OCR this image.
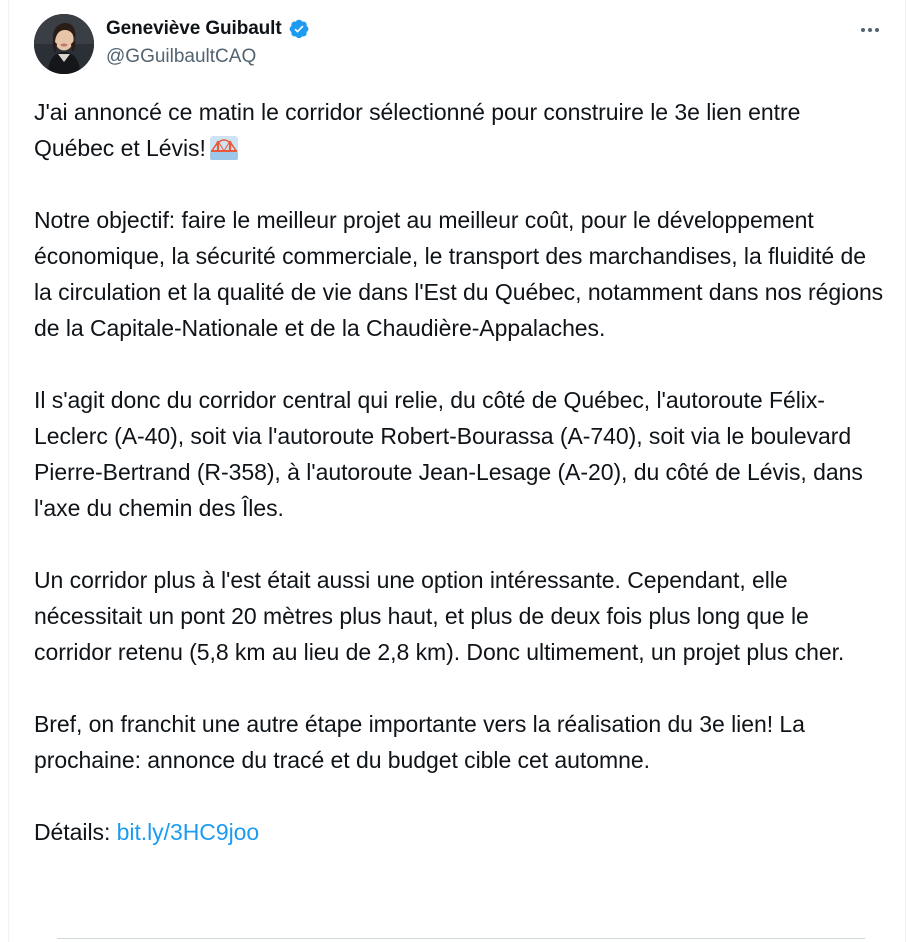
Geneviève Guibault
@GGuilbaultCAQ

J'ai annoncé ce matin le corridor sélectionné pour construire le 3e lien entre Québec et Lévis!

Notre objectif: faire le meilleur projet au meilleur coût, pour le développement économique, la sécurité commerciale, le transport des marchandises, la fluidité de la circulation et la qualité de vie dans l'Est du Québec, notamment dans nos régions de la Capitale-Nationale et de la Chaudière-Appalaches.

Il s'agit donc du corridor central qui relie, du côté de Québec, l'autoroute Félix-Leclerc (A-40), soit via l'autoroute Robert-Bourassa (A-740), soit via le boulevard Pierre-Bertrand (R-358), à l'autoroute Jean-Lesage (A-20), du côté de Lévis, dans l'axe du chemin des Îles.

Un corridor plus à l'est était aussi une option intéressante. Cependant, elle nécessitait un pont 20 mètres plus haut, et plus de deux fois plus long que le corridor retenu (5,8 km au lieu de 2,8 km). Donc ultimement, un projet plus cher.

Bref, on franchit une autre étape importante vers la réalisation du 3e lien! La prochaine: annonce du tracé et du budget cible cet automne.

Détails: bit.ly/3HC9joo
